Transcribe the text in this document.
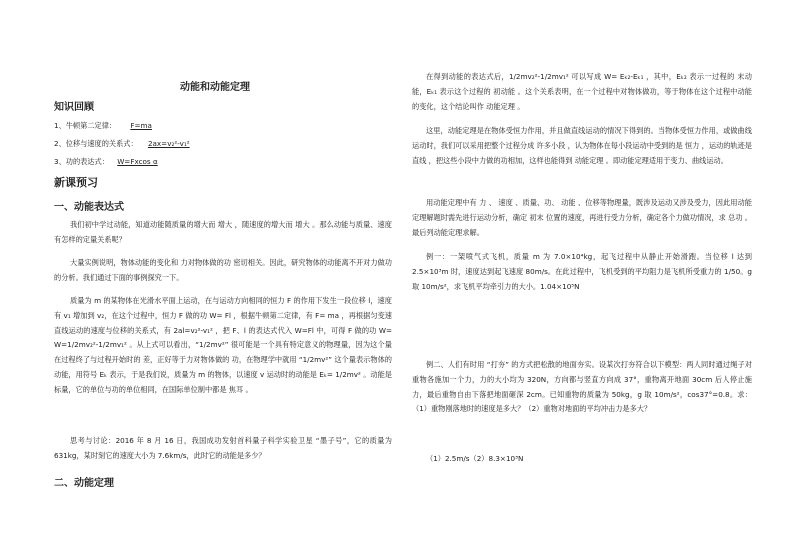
动能和动能定理
知识回顾
1、牛顿第二定律： F=ma
2、位移与速度的关系式： 2ax=v₂²-v₁²
3、功的表达式： W=Fxcos α
新课预习
一、动能表达式
我们初中学过动能，知道动能随质量的增大而 增大 ，随速度的增大而 增大 。那么动能与质量、速度有怎样的定量关系呢？
大量实例说明，物体动能的变化和 力对物体做的功 密切相关。因此，研究物体的动能离不开对力做功的分析。我们通过下面的事例探究一下。
质量为 m 的某物体在光滑水平面上运动，在与运动方向相同的恒力 F 的作用下发生一段位移 l，速度有 v₁ 增加到 v₂，在这个过程中，恒力 F 做的功 W= Fl ，根据牛顿第二定律，有 F= ma ，再根据匀变速直线运动的速度与位移的关系式，有 2al=v₂²-v₁² ，把 F、l 的表达式代入 W=Fl 中，可得 F 做的功 W= W=1/2mv₂²-1/2mv₁² 。从上式可以看出，“1/2mv²” 很可能是一个具有特定意义的物理量，因为这个量在过程终了与过程开始时的 差，正好等于力对物体做的 功，在物理学中就用 “1/2mv²” 这个量表示物体的动能，用符号 Eₖ 表示，于是我们说，质量为 m 的物体，以速度 v 运动时的动能是 Eₖ= 1/2mv² 。动能是标量，它的单位与功的单位相同，在国际单位制中都是 焦耳 。
思考与讨论：2016 年 8 月 16 日，我国成功发射首科量子科学实验卫星 “墨子号”，它的质量为 631kg，某时刻它的速度大小为 7.6km/s，此时它的动能是多少？
二、动能定理
在得到动能的表达式后，1/2mv₂²-1/2mv₁² 可以写成 W= Eₖ₂-Eₖ₁ ，其中，Eₖ₂ 表示一过程的 末动能，Eₖ₁ 表示这个过程的 初动能 。这个关系表明，在一个过程中对物体做功，等于物体在这个过程中动能的变化，这个结论叫作 动能定理 。
这里，动能定理是在物体受恒力作用，并且做直线运动的情况下得到的。当物体受恒力作用，或做曲线运动时，我们可以采用把整个过程分成 许多小段 ，认为物体在每小段运动中受到的是 恒力 ，运动的轨迹是 直线 ，把这些小段中力做的功相加，这样也能得到 动能定理 。即动能定理适用于变力、曲线运动。
用动能定理中有 力 、 速度 、质量、功、 动能 、位移等物理量，既涉及运动又涉及受力，因此用动能定理解题时需先进行运动分析，确定 初末 位置的速度，再进行受力分析，确定各个力做功情况，求 总功 。最后列动能定理求解。
例一：一架喷气式飞机，质量 m 为 7.0×10⁴kg，起飞过程中从静止开始滑跑。当位移 l 达到 2.5×10³m 时，速度达到起飞速度 80m/s。在此过程中，飞机受到的平均阻力是飞机所受重力的 1/50。g 取 10m/s²，求飞机平均牵引力的大小。1.04×10⁵N
例二、人们有时用 “打夯” 的方式把松散的地面夯实。设某次打夯符合以下模型：两人同时通过绳子对重物各施加一个力，力的大小均为 320N，方向都与竖直方向成 37°，重物离开地面 30cm 后人停止施力，最后重物自由下落把地面砸深 2cm。已知重物的质量为 50kg，g 取 10m/s²，cos37°=0.8。求：（1）重物刚落地时的速度是多大？（2）重物对地面的平均冲击力是多大？
（1）2.5m/s（2）8.3×10³N
